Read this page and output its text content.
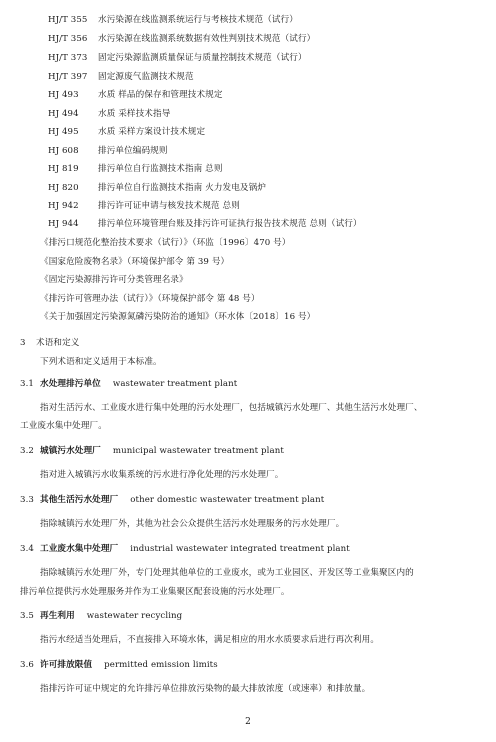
HJ/T 355 水污染源在线监测系统运行与考核技术规范（试行）
HJ/T 356 水污染源在线监测系统数据有效性判别技术规范（试行）
HJ/T 373 固定污染源监测质量保证与质量控制技术规范（试行）
HJ/T 397 固定源废气监测技术规范
HJ 493 水质 样品的保存和管理技术规定
HJ 494 水质 采样技术指导
HJ 495 水质 采样方案设计技术规定
HJ 608 排污单位编码规则
HJ 819 排污单位自行监测技术指南 总则
HJ 820 排污单位自行监测技术指南 火力发电及锅炉
HJ 942 排污许可证申请与核发技术规范 总则
HJ 944 排污单位环境管理台账及排污许可证执行报告技术规范 总则（试行）
《排污口规范化整治技术要求（试行）》（环监〔1996〕470 号）
《国家危险废物名录》（环境保护部令 第 39 号）
《固定污染源排污许可分类管理名录》
《排污许可管理办法（试行）》（环境保护部令 第 48 号）
《关于加强固定污染源氮磷污染防治的通知》（环水体〔2018〕16 号）
3 术语和定义
下列术语和定义适用于本标准。
3.1 水处理排污单位 wastewater treatment plant
指对生活污水、工业废水进行集中处理的污水处理厂，包括城镇污水处理厂、其他生活污水处理厂、
工业废水集中处理厂。
3.2 城镇污水处理厂 municipal wastewater treatment plant
指对进入城镇污水收集系统的污水进行净化处理的污水处理厂。
3.3 其他生活污水处理厂 other domestic wastewater treatment plant
指除城镇污水处理厂外，其他为社会公众提供生活污水处理服务的污水处理厂。
3.4 工业废水集中处理厂 industrial wastewater integrated treatment plant
指除城镇污水处理厂外，专门处理其他单位的工业废水，或为工业园区、开发区等工业集聚区内的
排污单位提供污水处理服务并作为工业集聚区配套设施的污水处理厂。
3.5 再生利用 wastewater recycling
指污水经适当处理后，不直接排入环境水体，满足相应的用水水质要求后进行再次利用。
3.6 许可排放限值 permitted emission limits
指排污许可证中规定的允许排污单位排放污染物的最大排放浓度（或速率）和排放量。
2
